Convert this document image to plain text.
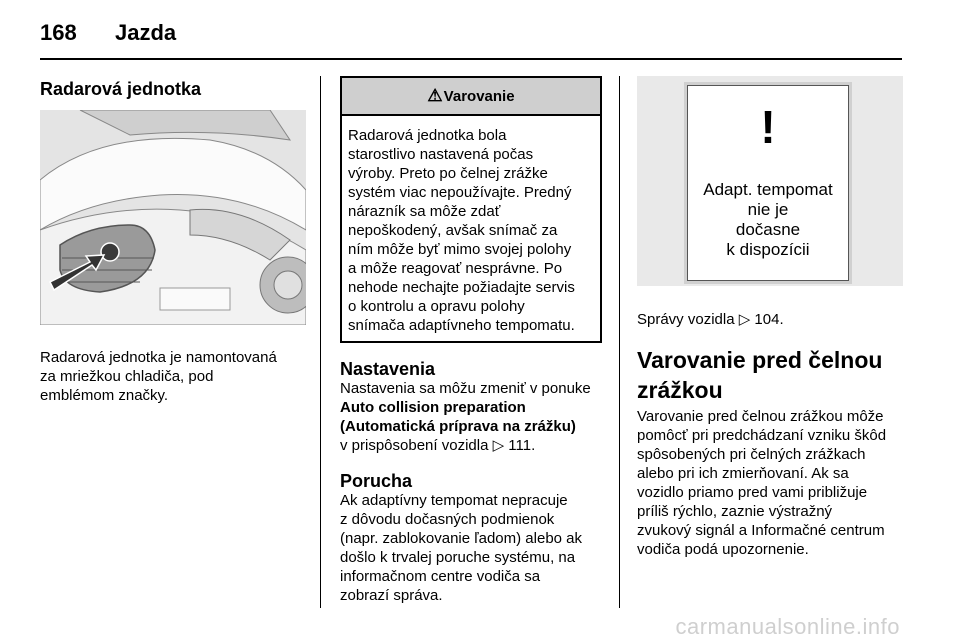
168	Jazda
Radarová jednotka

Radarová jednotka je namontovaná

za mriežkou chladiča, pod

emblémom značky.

⚠ Varovanie

Radarová jednotka bola

starostlivo nastavená počas

výroby. Preto po čelnej zrážke

systém viac nepoužívajte. Predný

nárazník sa môže zdať

nepoškodený, avšak snímač za

ním môže byť mimo svojej polohy

a môže reagovať nesprávne. Po

nehode nechajte požiadajte servis

o kontrolu a opravu polohy

snímača adaptívneho tempomatu.

Nastavenia

Nastavenia sa môžu zmeniť v ponuke

Auto collision preparation

(Automatická príprava na zrážku)

v prispôsobení vozidla ▷ 111.

Porucha

Ak adaptívny tempomat nepracuje

z dôvodu dočasných podmienok

(napr. zablokovanie ľadom) alebo ak

došlo k trvalej poruche systému, na

informačnom centre vodiča sa

zobrazí správa.

!
Adapt. tempomat
nie je
dočasne
k dispozícii

Správy vozidla ▷ 104.

Varovanie pred čelnou
zrážkou

Varovanie pred čelnou zrážkou môže

pomôcť pri predchádzaní vzniku škôd

spôsobených pri čelných zrážkach

alebo pri ich zmierňovaní. Ak sa

vozidlo priamo pred vami približuje

príliš rýchlo, zaznie výstražný

zvukový signál a Informačné centrum

vodiča podá upozornenie.

carmanualsonline.info
